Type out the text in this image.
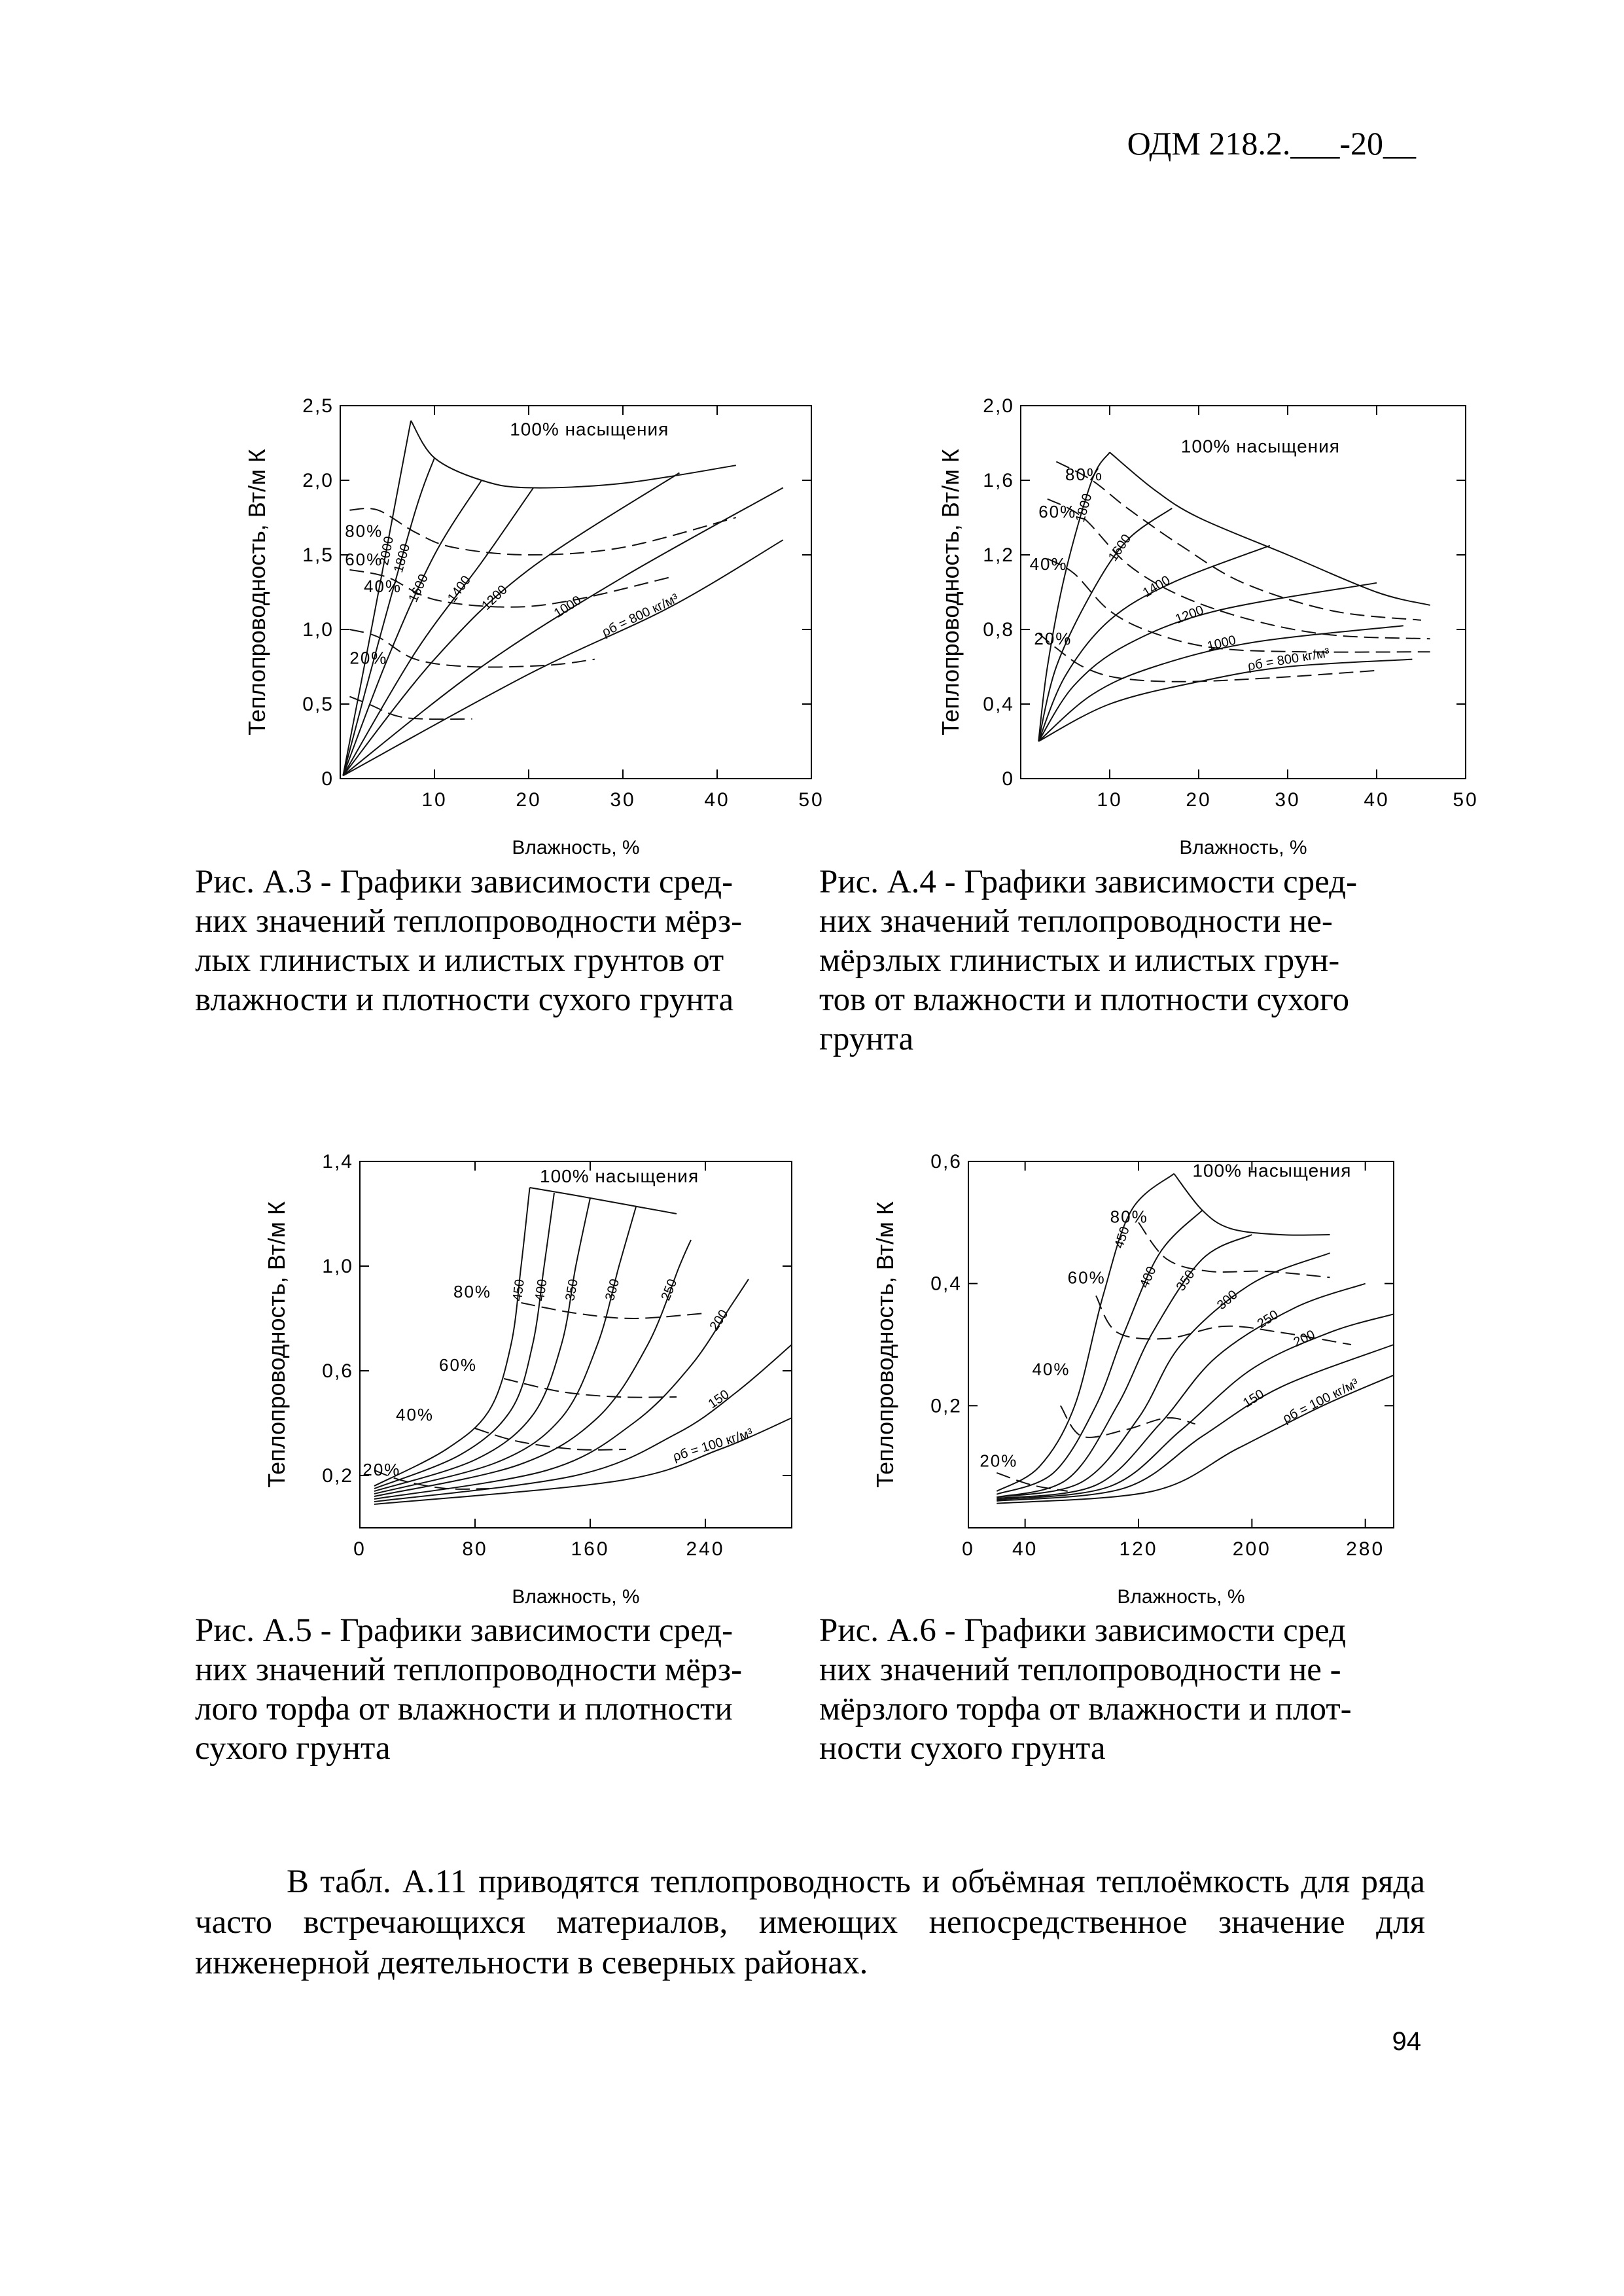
ОДМ 218.2.___-20__
0
0,5
1,0
1,5
2,0
2,5
10	20	30	40	50
Влажность, %
Теплопроводность, Вт/м К
100% насыщения
80%
60%
40%
20%
2000
1800
1600 1400 1200	1000 ρб = 800 кг/м³
0
0,4
0,8
1,2
1,6
2,0
10	20	30	40	50
Влажность, %
Теплопроводность, Вт/м К
100% насыщения
80%
60%
40%
20%
1800
1600
1400
1200
1000
ρб = 800 кг/м³
0,2
0,6
1,0
1,4
0	80	160	240
Влажность, %
Теплопроводность, Вт/м К
100% насыщения
80%
60%
40%
20%
450 400 350 300	250
200
150
ρб = 100 кг/м³
0,2
0,4
0,6
0 40	120	200	280
Влажность, %
Теплопроводность, Вт/м К
100% насыщения
80%
60%
40%
20%
450
400 350
300
250
200
150 ρб = 100 кг/м³
Рис. А.3 - Графики зависимости сред-
них значений теплопроводности мёрз-
лых глинистых и илистых грунтов от
влажности и плотности сухого грунта
Рис. А.4 - Графики зависимости сред-
них значений теплопроводности не-
мёрзлых глинистых и илистых грун-
тов от влажности и плотности сухого
грунта
Рис. А.5 - Графики зависимости сред-
них значений теплопроводности мёрз-
лого торфа от влажности и плотности
сухого грунта
Рис. А.6 - Графики зависимости сред
них значений теплопроводности не -
мёрзлого торфа от влажности и плот-
ности сухого грунта
В табл. А.11 приводятся теплопроводность и объёмная теплоёмкость для ряда часто встречающихся материалов, имеющих непосредственное значение для инженерной деятельности в северных районах.
94
